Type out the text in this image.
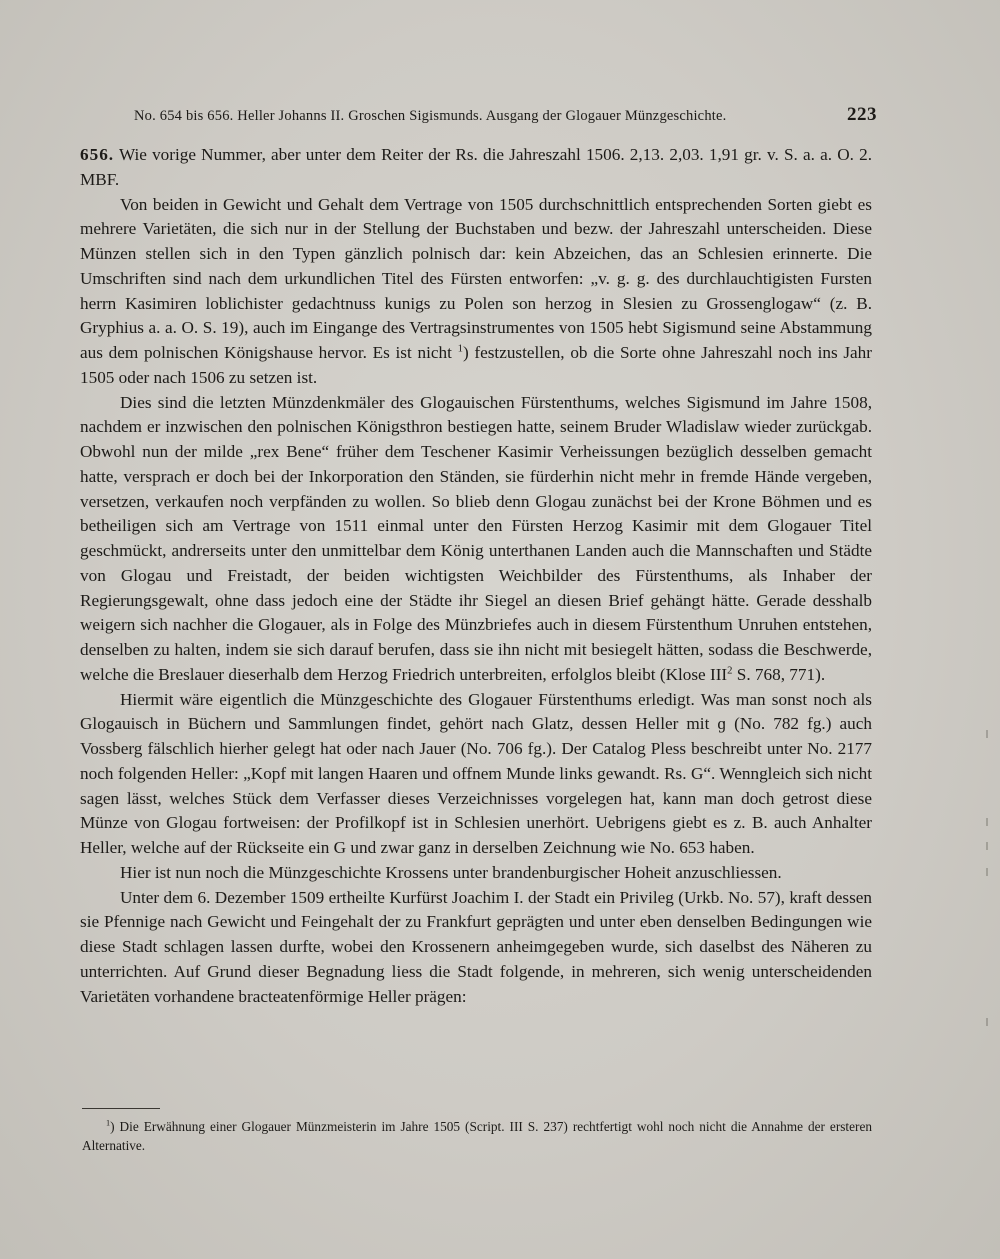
No. 654 bis 656. Heller Johanns II. Groschen Sigismunds. Ausgang der Glogauer Münzgeschichte.	223

656. Wie vorige Nummer, aber unter dem Reiter der Rs. die Jahreszahl 1506. 2,13. 2,03. 1,91 gr. v. S. a. a. O. 2. MBF.

Von beiden in Gewicht und Gehalt dem Vertrage von 1505 durchschnittlich entsprechenden Sorten giebt es mehrere Varietäten, die sich nur in der Stellung der Buchstaben und bezw. der Jahreszahl unterscheiden. Diese Münzen stellen sich in den Typen gänzlich polnisch dar: kein Abzeichen, das an Schlesien erinnerte. Die Umschriften sind nach dem urkundlichen Titel des Fürsten entworfen: „v. g. g. des durchlauchtigisten Fursten herrn Kasimiren loblichister gedachtnuss kunigs zu Polen son herzog in Slesien zu Grossenglogaw“ (z. B. Gryphius a. a. O. S. 19), auch im Eingange des Vertragsinstrumentes von 1505 hebt Sigismund seine Abstammung aus dem polnischen Königshause hervor. Es ist nicht $^1$) festzustellen, ob die Sorte ohne Jahreszahl noch ins Jahr 1505 oder nach 1506 zu setzen ist.

Dies sind die letzten Münzdenkmäler des Glogauischen Fürstenthums, welches Sigismund im Jahre 1508, nachdem er inzwischen den polnischen Königsthron bestiegen hatte, seinem Bruder Wladislaw wieder zurückgab. Obwohl nun der milde „rex Bene“ früher dem Teschener Kasimir Verheissungen bezüglich desselben gemacht hatte, versprach er doch bei der Inkorporation den Ständen, sie fürderhin nicht mehr in fremde Hände vergeben, versetzen, verkaufen noch verpfänden zu wollen. So blieb denn Glogau zunächst bei der Krone Böhmen und es betheiligen sich am Vertrage von 1511 einmal unter den Fürsten Herzog Kasimir mit dem Glogauer Titel geschmückt, andrerseits unter den unmittelbar dem König unterthanen Landen auch die Mannschaften und Städte von Glogau und Freistadt, der beiden wichtigsten Weichbilder des Fürstenthums, als Inhaber der Regierungsgewalt, ohne dass jedoch eine der Städte ihr Siegel an diesen Brief gehängt hätte. Gerade desshalb weigern sich nachher die Glogauer, als in Folge des Münzbriefes auch in diesem Fürstenthum Unruhen entstehen, denselben zu halten, indem sie sich darauf berufen, dass sie ihn nicht mit besiegelt hätten, sodass die Beschwerde, welche die Breslauer dieserhalb dem Herzog Friedrich unterbreiten, erfolglos bleibt (Klose III$^2$ S. 768, 771).

Hiermit wäre eigentlich die Münzgeschichte des Glogauer Fürstenthums erledigt. Was man sonst noch als Glogauisch in Büchern und Sammlungen findet, gehört nach Glatz, dessen Heller mit ɡ (No. 782 fg.) auch Vossberg fälschlich hierher gelegt hat oder nach Jauer (No. 706 fg.). Der Catalog Pless beschreibt unter No. 2177 noch folgenden Heller: „Kopf mit langen Haaren und offnem Munde links gewandt. Rs. G“. Wenngleich sich nicht sagen lässt, welches Stück dem Verfasser dieses Verzeichnisses vorgelegen hat, kann man doch getrost diese Münze von Glogau fortweisen: der Profilkopf ist in Schlesien unerhört. Uebrigens giebt es z. B. auch Anhalter Heller, welche auf der Rückseite ein G und zwar ganz in derselben Zeichnung wie No. 653 haben.

Hier ist nun noch die Münzgeschichte Krossens unter brandenburgischer Hoheit anzuschliessen.

Unter dem 6. Dezember 1509 ertheilte Kurfürst Joachim I. der Stadt ein Privileg (Urkb. No. 57), kraft dessen sie Pfennige nach Gewicht und Feingehalt der zu Frankfurt geprägten und unter eben denselben Bedingungen wie diese Stadt schlagen lassen durfte, wobei den Krossenern anheimgegeben wurde, sich daselbst des Näheren zu unterrichten. Auf Grund dieser Begnadung liess die Stadt folgende, in mehreren, sich wenig unterscheidenden Varietäten vorhandene bracteatenförmige Heller prägen:

$^1$) Die Erwähnung einer Glogauer Münzmeisterin im Jahre 1505 (Script. III S. 237) rechtfertigt wohl noch nicht die Annahme der ersteren Alternative.
